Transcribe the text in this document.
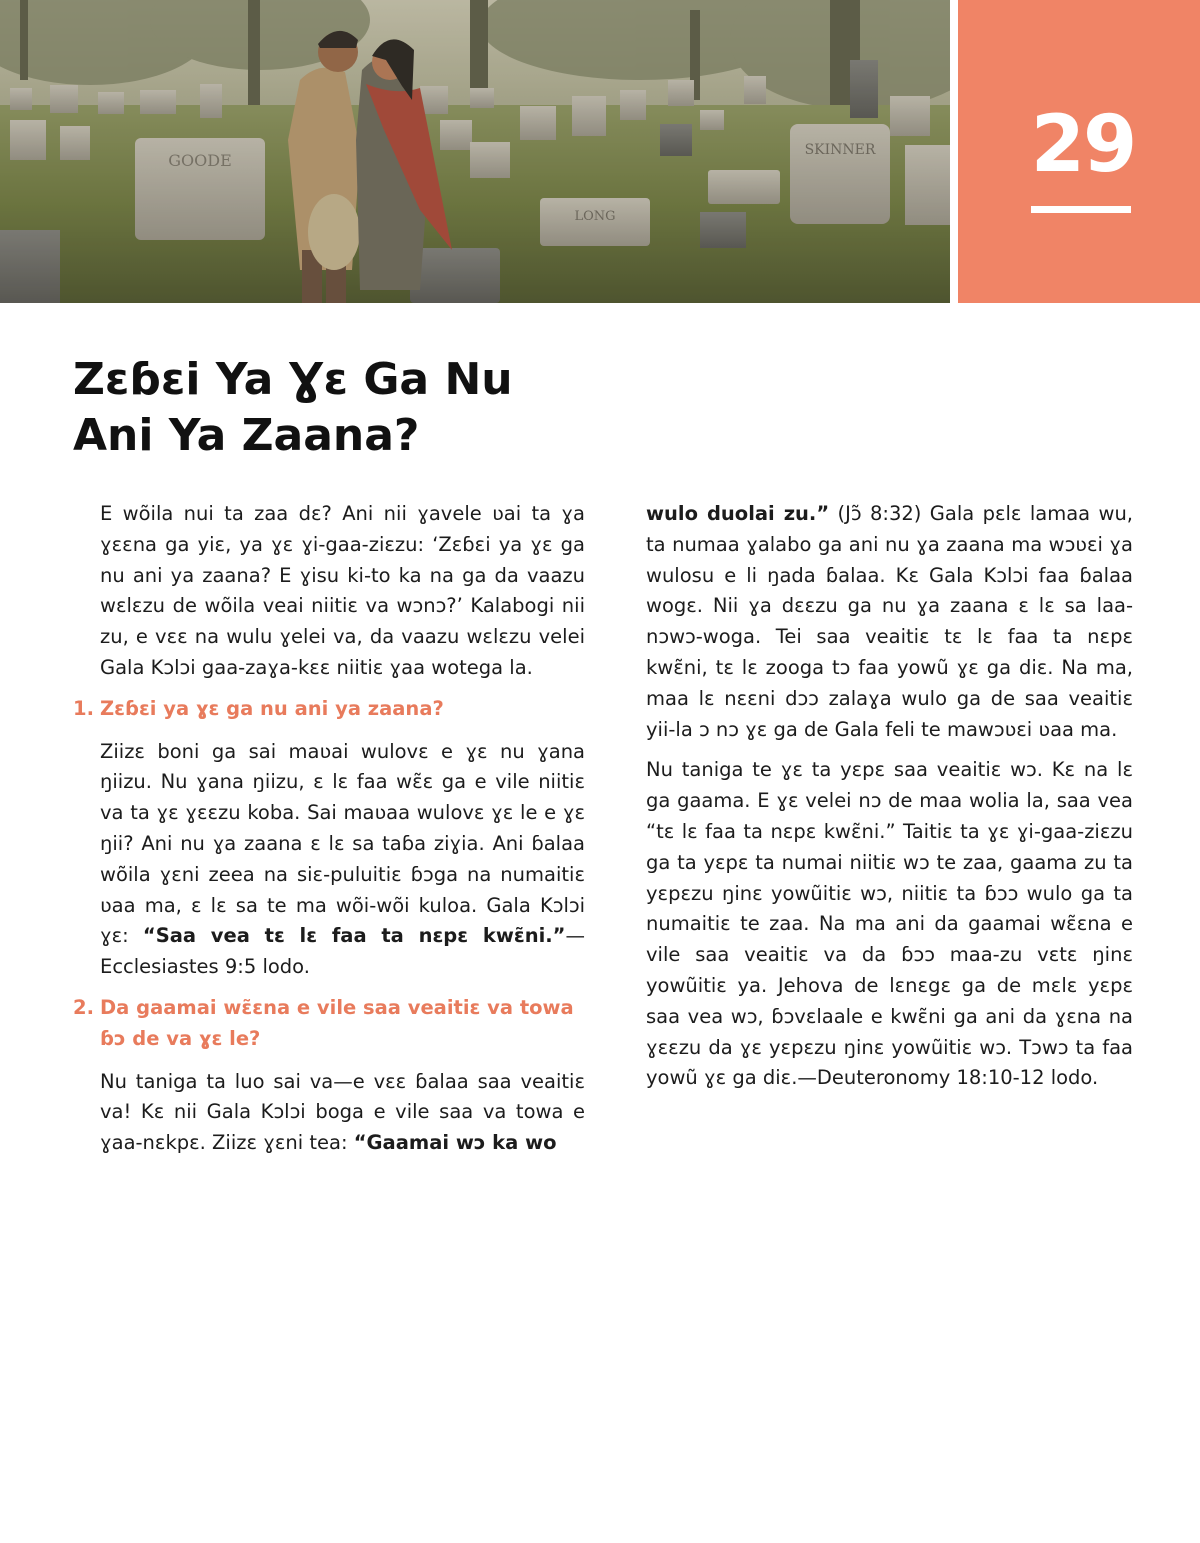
GOODE
SKINNER
LONG
29
Zɛɓɛi Ya Ɣɛ Ga Nu
Ani Ya Zaana?

E wõila nui ta zaa dɛ? Ani nii ɣavele ʋai ta ɣa ɣɛɛna ga yiɛ, ya ɣɛ ɣi-gaa-ziɛzu: ‘Zɛɓɛi ya ɣɛ ga nu ani ya zaana? E ɣisu ki-to ka na ga da vaazu wɛlɛzu de wõila veai niitiɛ va wɔnɔ?’ Kalabogi nii zu, e vɛɛ na wulu ɣelei va, da vaazu wɛlɛzu velei Gala Kɔlɔi gaa-zaɣa-kɛɛ niitiɛ ɣaa wotega la.

1. Zɛɓɛi ya ɣɛ ga nu ani ya zaana?

Ziizɛ boni ga sai maʋai wulovɛ e ɣɛ nu ɣana ŋiizu. Nu ɣana ŋiizu, ɛ lɛ faa wɛ̃ɛ ga e vile niitiɛ va ta ɣɛ ɣɛɛzu koba. Sai maʋaa wulovɛ ɣɛ le e ɣɛ ŋii? Ani nu ɣa zaana ɛ lɛ sa taɓa ziɣia. Ani ɓalaa wõila ɣɛni zeea na siɛ-puluitiɛ ɓɔga na numaitiɛ ʋaa ma, ɛ lɛ sa te ma wõi-wõi kuloa. Gala Kɔlɔi ɣɛ: “Saa vea tɛ lɛ faa ta nɛpɛ kwɛ̃ni.”—Ecclesiastes 9:5 lodo.

2. Da gaamai wɛ̃ɛna e vile saa veaitiɛ va towa ɓɔ de va ɣɛ le?

Nu taniga ta luo sai va—e vɛɛ ɓalaa saa veaitiɛ va! Kɛ nii Gala Kɔlɔi boga e vile saa va towa e ɣaa-nɛkpɛ. Ziizɛ ɣɛni tea: “Gaamai wɔ ka wo

wulo duolai zu.” (Jɔ̃ 8:32) Gala pɛlɛ lamaa wu, ta numaa ɣalabo ga ani nu ɣa zaana ma wɔʋɛi ɣa wulosu e li ŋada ɓalaa. Kɛ Gala Kɔlɔi faa ɓalaa wogɛ. Nii ɣa dɛɛzu ga nu ɣa zaana ɛ lɛ sa laa-nɔwɔ-woga. Tei saa veaitiɛ tɛ lɛ faa ta nɛpɛ kwɛ̃ni, tɛ lɛ zooga tɔ faa yowũ ɣɛ ga diɛ. Na ma, maa lɛ nɛɛni dɔɔ zalaɣa wulo ga de saa veaitiɛ yii-la ɔ nɔ ɣɛ ga de Gala feli te mawɔʋɛi ʋaa ma.

Nu taniga te ɣɛ ta yɛpɛ saa veaitiɛ wɔ. Kɛ na lɛ ga gaama. E ɣɛ velei nɔ de maa wolia la, saa vea “tɛ lɛ faa ta nɛpɛ kwɛ̃ni.” Taitiɛ ta ɣɛ ɣi-gaa-ziɛzu ga ta yɛpɛ ta numai niitiɛ wɔ te zaa, gaama zu ta yɛpɛzu ŋinɛ yowũitiɛ wɔ, niitiɛ ta ɓɔɔ wulo ga ta numaitiɛ te zaa. Na ma ani da gaamai wɛ̃ɛna e vile saa veaitiɛ va da ɓɔɔ maa-zu vɛtɛ ŋinɛ yowũitiɛ ya. Jehova de lɛnɛgɛ ga de mɛlɛ yɛpɛ saa vea wɔ, ɓɔvɛlaale e kwɛ̃ni ga ani da ɣɛna na ɣɛɛzu da ɣɛ yɛpɛzu ŋinɛ yowũitiɛ wɔ. Tɔwɔ ta faa yowũ ɣɛ ga diɛ.—Deuteronomy 18:10-12 lodo.
